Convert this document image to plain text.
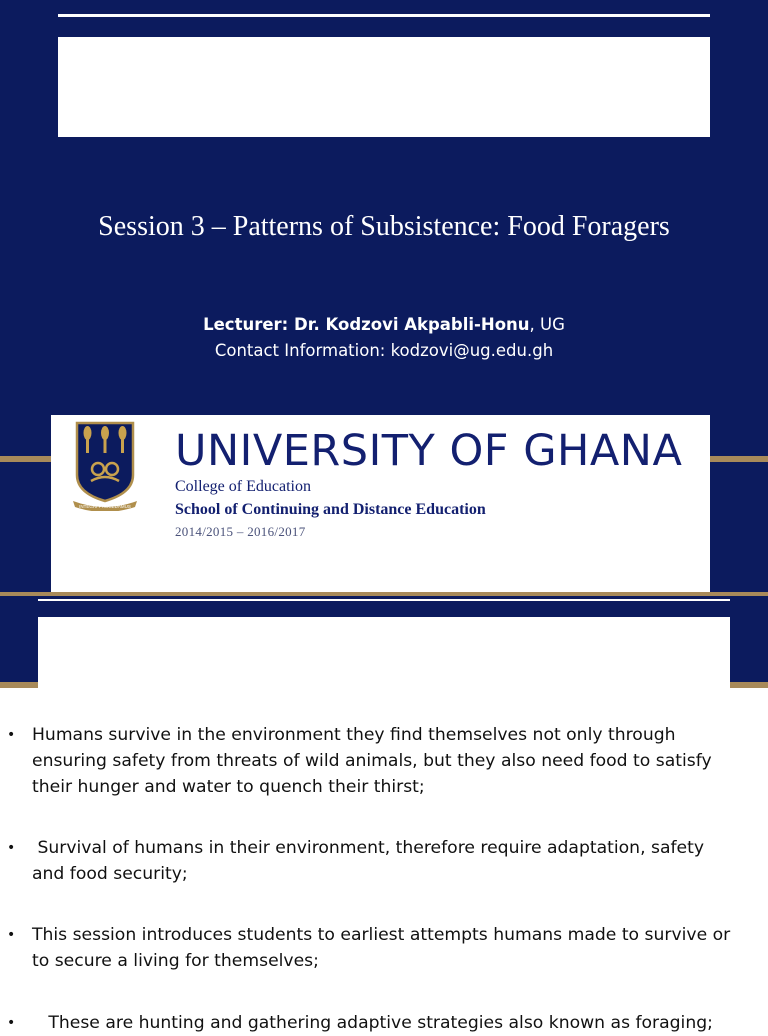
Session 3 – Patterns of Subsistence: Food Foragers
Lecturer: Dr. Kodzovi Akpabli-Honu, UG
Contact Information: kodzovi@ug.edu.gh
INTEGRI PROCEDAMUS
UNIVERSITY OF GHANA
College of Education
School of Continuing and Distance Education
2014/2015 – 2016/2017
• Humans survive in the environment they find themselves not only through ensuring safety from threats of wild animals, but they also need food to satisfy their hunger and water to quench their thirst;
• Survival of humans in their environment, therefore require adaptation, safety and food security;
• This session introduces students to earliest attempts humans made to survive or to secure a living for themselves;
• These are hunting and gathering adaptive strategies also known as foraging;
